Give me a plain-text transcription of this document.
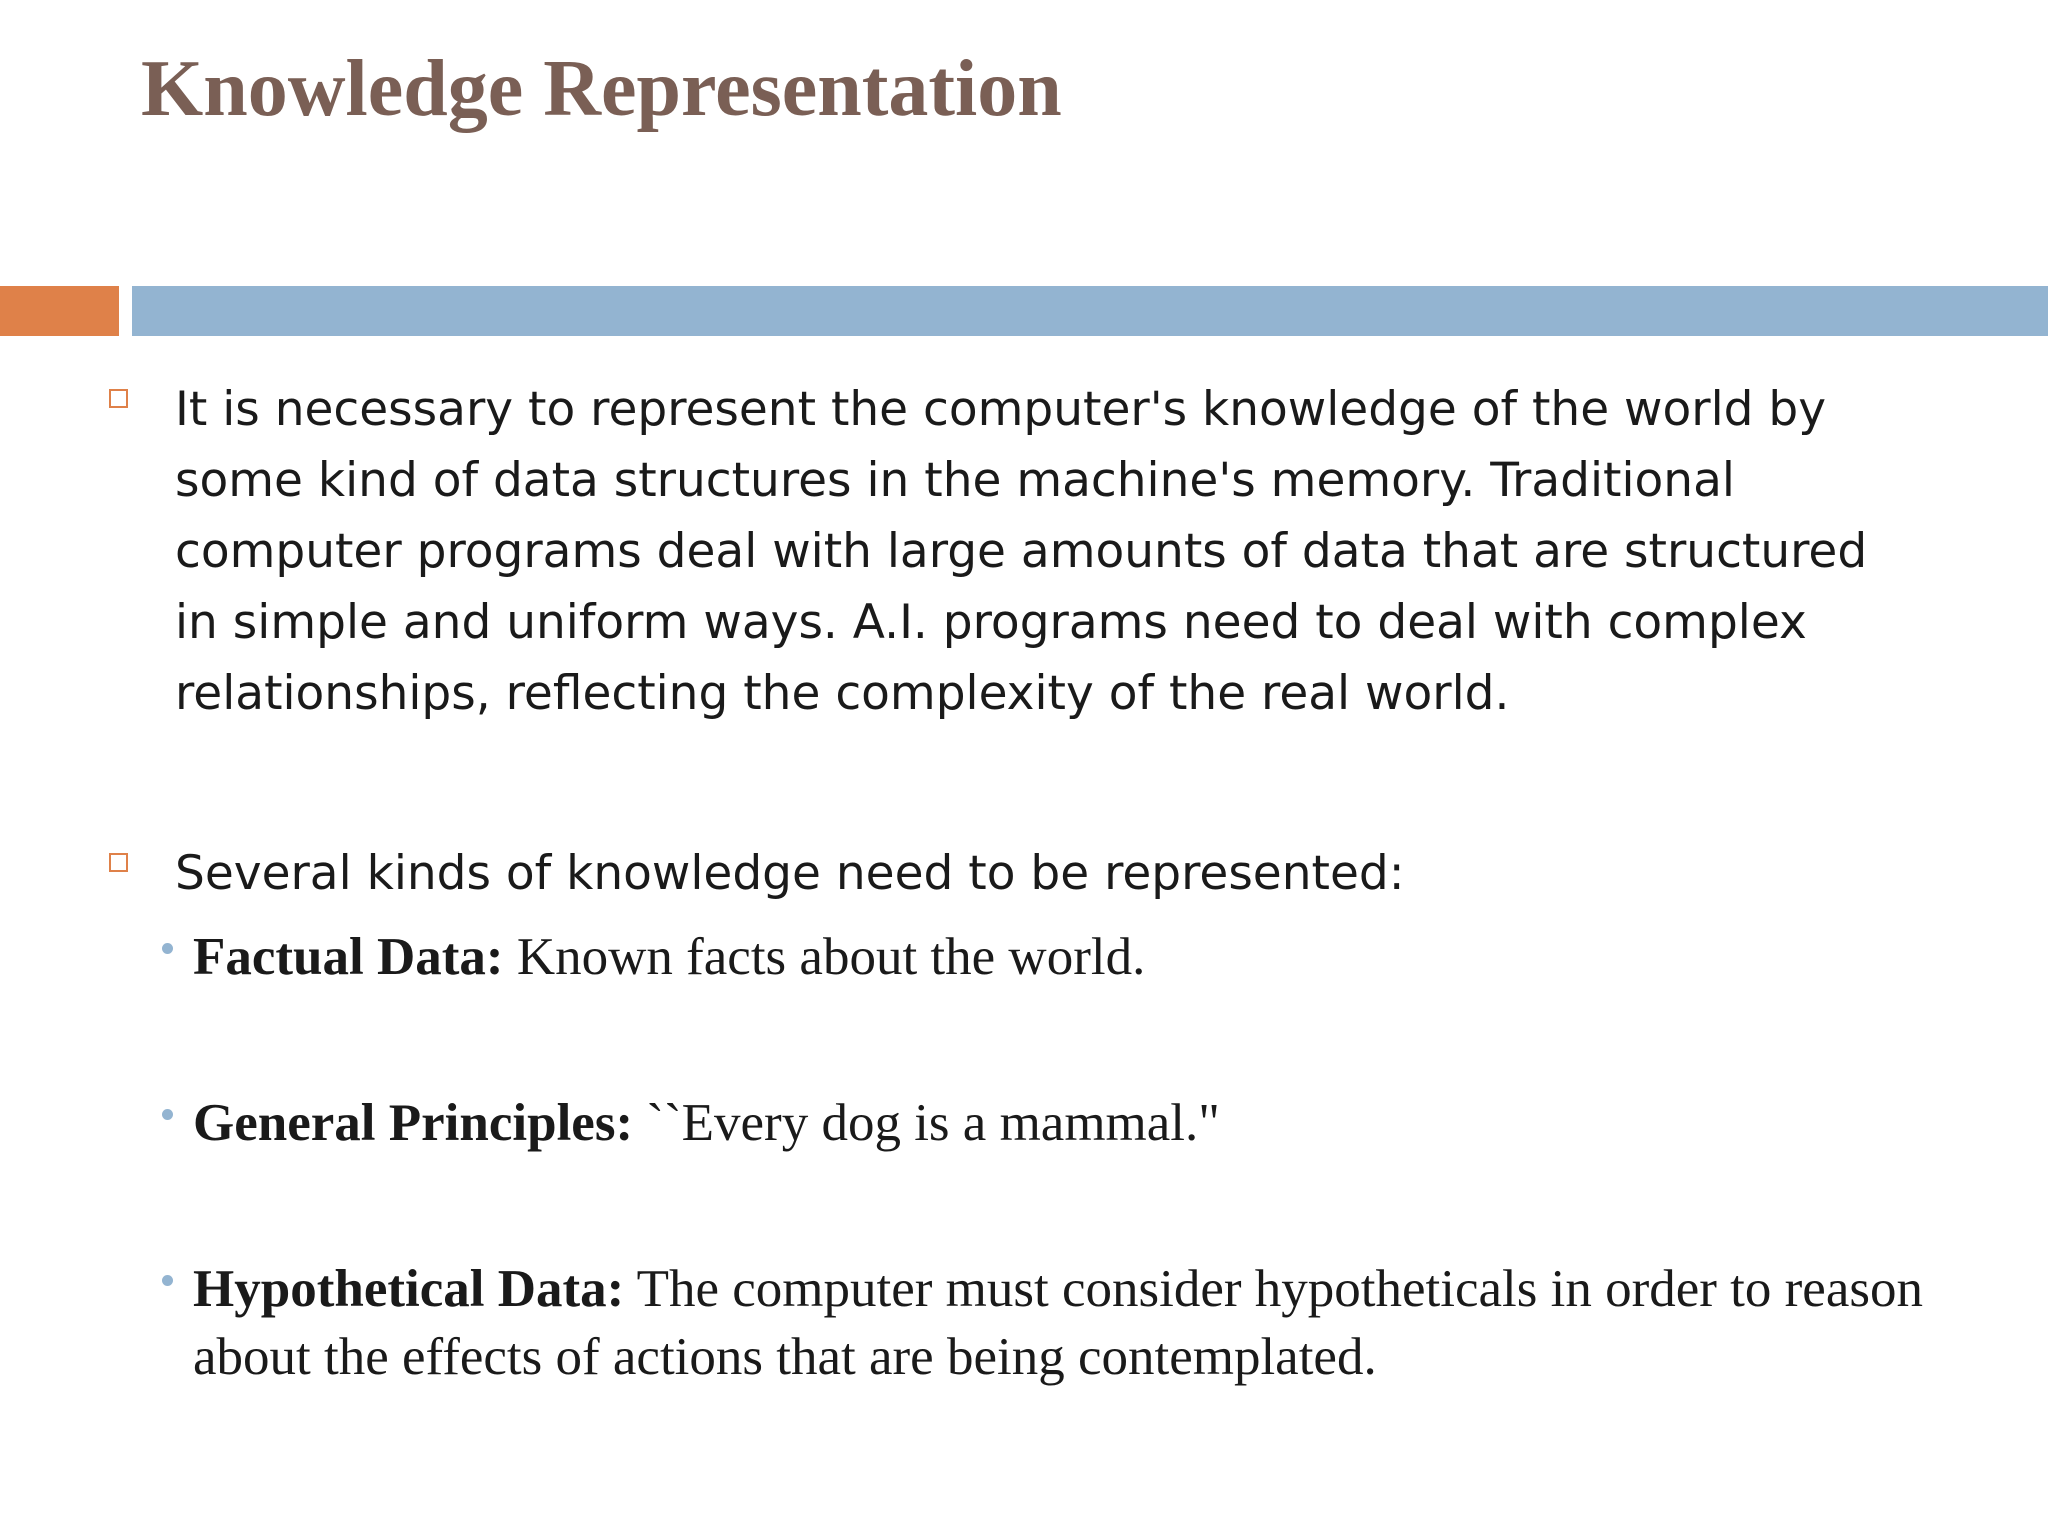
Knowledge Representation

It is necessary to represent the computer's knowledge of the world by some kind of data structures in the machine's memory. Traditional computer programs deal with large amounts of data that are structured in simple and uniform ways. A.I. programs need to deal with complex relationships, reflecting the complexity of the real world.

Several kinds of knowledge need to be represented:

Factual Data: Known facts about the world.

General Principles: ``Every dog is a mammal."

Hypothetical Data: The computer must consider hypotheticals in order to reason about the effects of actions that are being contemplated.
